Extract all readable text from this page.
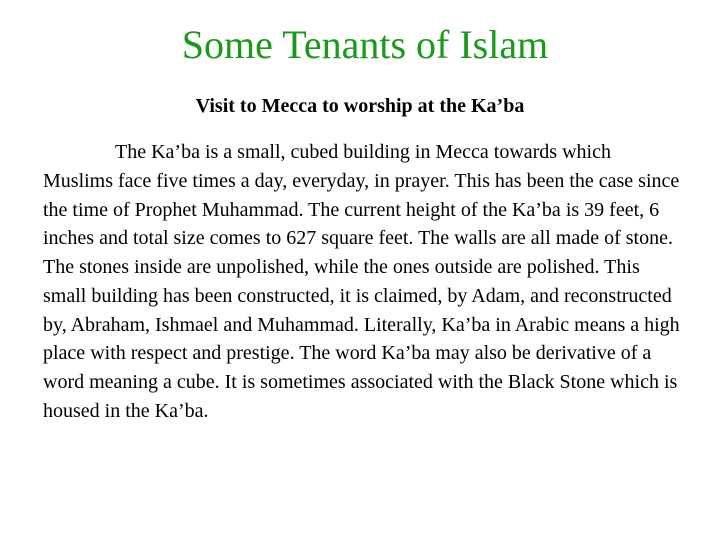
Some Tenants of Islam
Visit to Mecca to worship at the Ka’ba

The Ka’ba is a small, cubed building in Mecca towards which Muslims face five times a day, everyday, in prayer. This has been the case since the time of Prophet Muhammad. The current height of the Ka’ba is 39 feet, 6 inches and total size comes to 627 square feet. The walls are all made of stone. The stones inside are unpolished, while the ones outside are polished. This small building has been constructed, it is claimed, by Adam, and reconstructed by, Abraham, Ishmael and Muhammad. Literally, Ka’ba in Arabic means a high place with respect and prestige. The word Ka’ba may also be derivative of a word meaning a cube. It is sometimes associated with the Black Stone which is housed in the Ka’ba.
